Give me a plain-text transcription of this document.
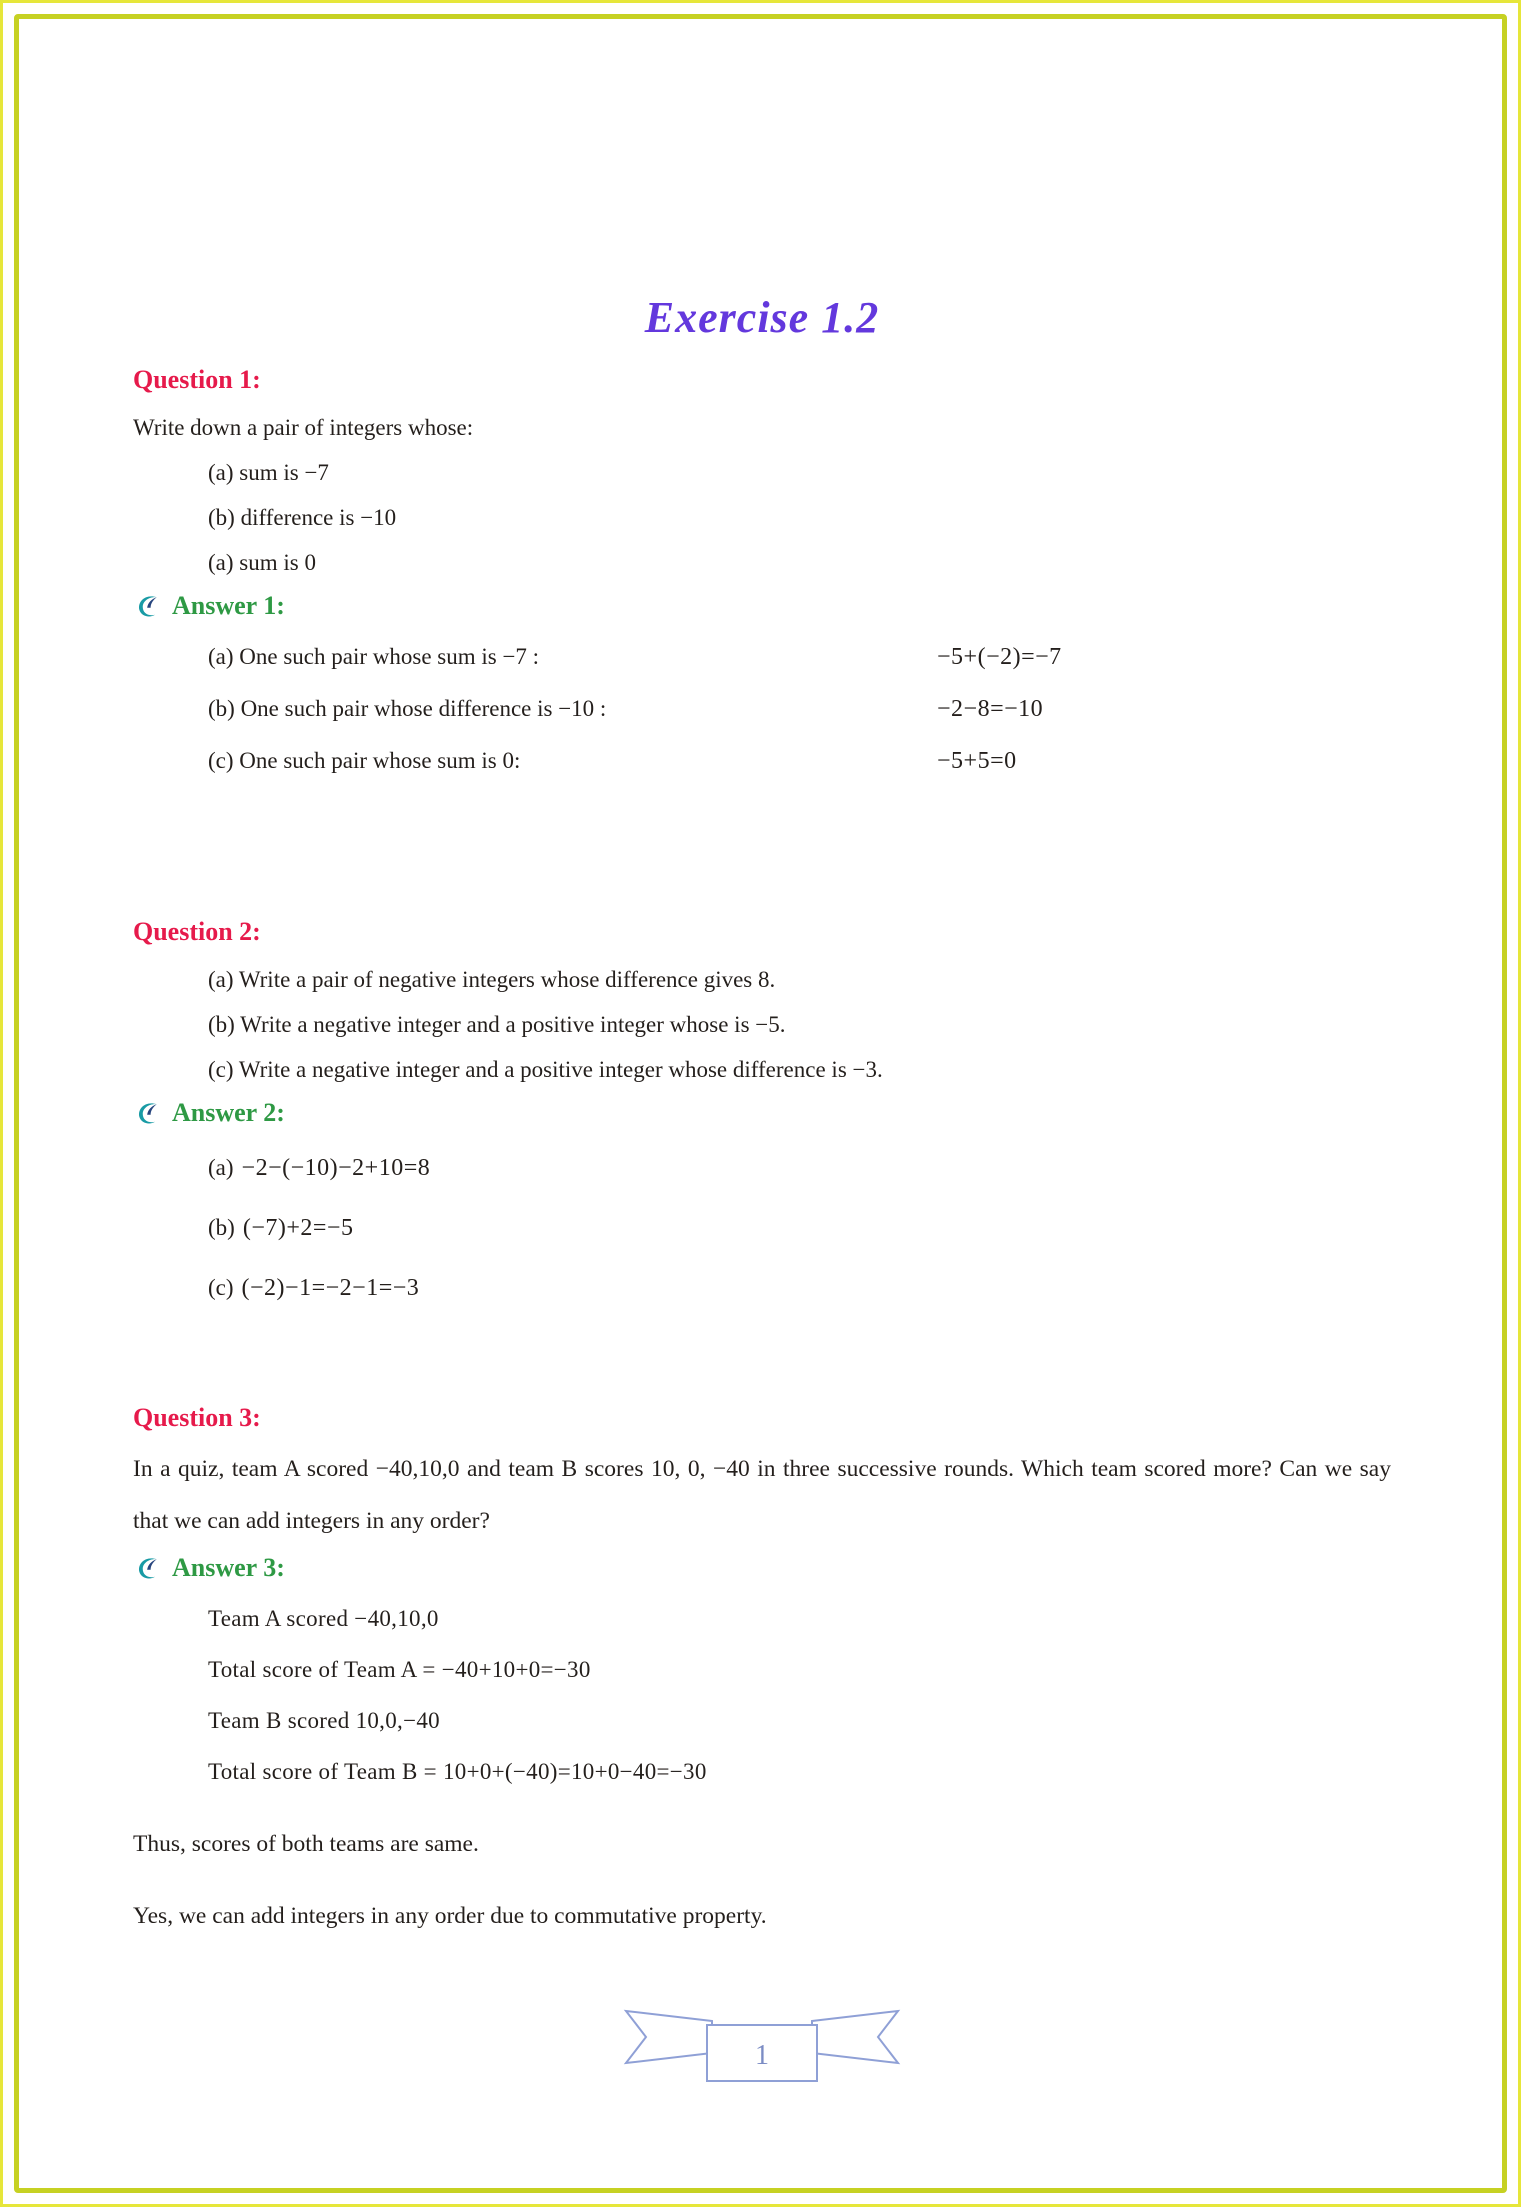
Exercise 1.2
Question 1:
Write down a pair of integers whose:
(a) sum is −7
(b) difference is −10
(a) sum is 0
Answer 1:
(a) One such pair whose sum is −7 :	−5+(−2)=−7
(b) One such pair whose difference is −10 :	−2−8=−10
(c) One such pair whose sum is 0:	−5+5=0
Question 2:
(a) Write a pair of negative integers whose difference gives 8.
(b) Write a negative integer and a positive integer whose is −5.
(c) Write a negative integer and a positive integer whose difference is −3.
Answer 2:
(a) −2−(−10)−2+10=8
(b) (−7)+2=−5
(c) (−2)−1=−2−1=−3
Question 3:

In a quiz, team A scored −40,10,0 and team B scores 10, 0, −40 in three successive rounds. Which team scored more? Can we say that we can add integers in any order?

Answer 3:
Team A scored −40,10,0
Total score of Team A = −40+10+0=−30
Team B scored 10,0,−40
Total score of Team B = 10+0+(−40)=10+0−40=−30
Thus, scores of both teams are same.
Yes, we can add integers in any order due to commutative property.
1
